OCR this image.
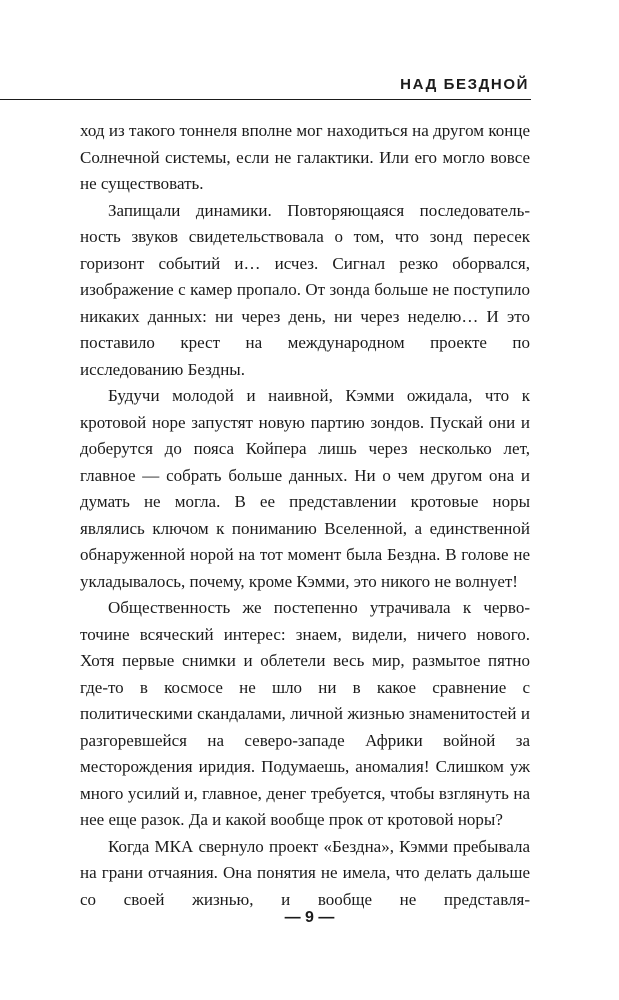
НАД БЕЗДНОЙ

ход из такого тоннеля вполне мог находиться на другом конце Солнечной системы, если не галактики. Или его могло вовсе не существовать.

Запищали динамики. Повторяющаяся последовательность звуков свидетельствовала о том, что зонд пересек горизонт событий и… исчез. Сигнал резко оборвался, изображение с камер пропало. От зонда больше не поступило никаких данных: ни через день, ни через неделю… И это поставило крест на международном проекте по исследованию Бездны.

Будучи молодой и наивной, Кэмми ожидала, что к кротовой норе запустят новую партию зондов. Пускай они и доберутся до пояса Койпера лишь через несколько лет, главное — собрать больше данных. Ни о чем другом она и думать не могла. В ее представлении кротовые норы являлись ключом к пониманию Вселенной, а единственной обнаруженной норой на тот момент была Бездна. В голове не укладывалось, почему, кроме Кэмми, это никого не волнует!

Общественность же постепенно утрачивала к червоточине всяческий интерес: знаем, видели, ничего нового. Хотя первые снимки и облетели весь мир, размытое пятно где-то в космосе не шло ни в какое сравнение с политическими скандалами, личной жизнью знаменитостей и разгоревшейся на северо-западе Африки войной за месторождения иридия. Подумаешь, аномалия! Слишком уж много усилий и, главное, денег требуется, чтобы взглянуть на нее еще разок. Да и какой вообще прок от кротовой норы?

Когда МКА свернуло проект «Бездна», Кэмми пребывала на грани отчаяния. Она понятия не имела, что делать дальше со своей жизнью, и вообще не представля-

— 9 —
